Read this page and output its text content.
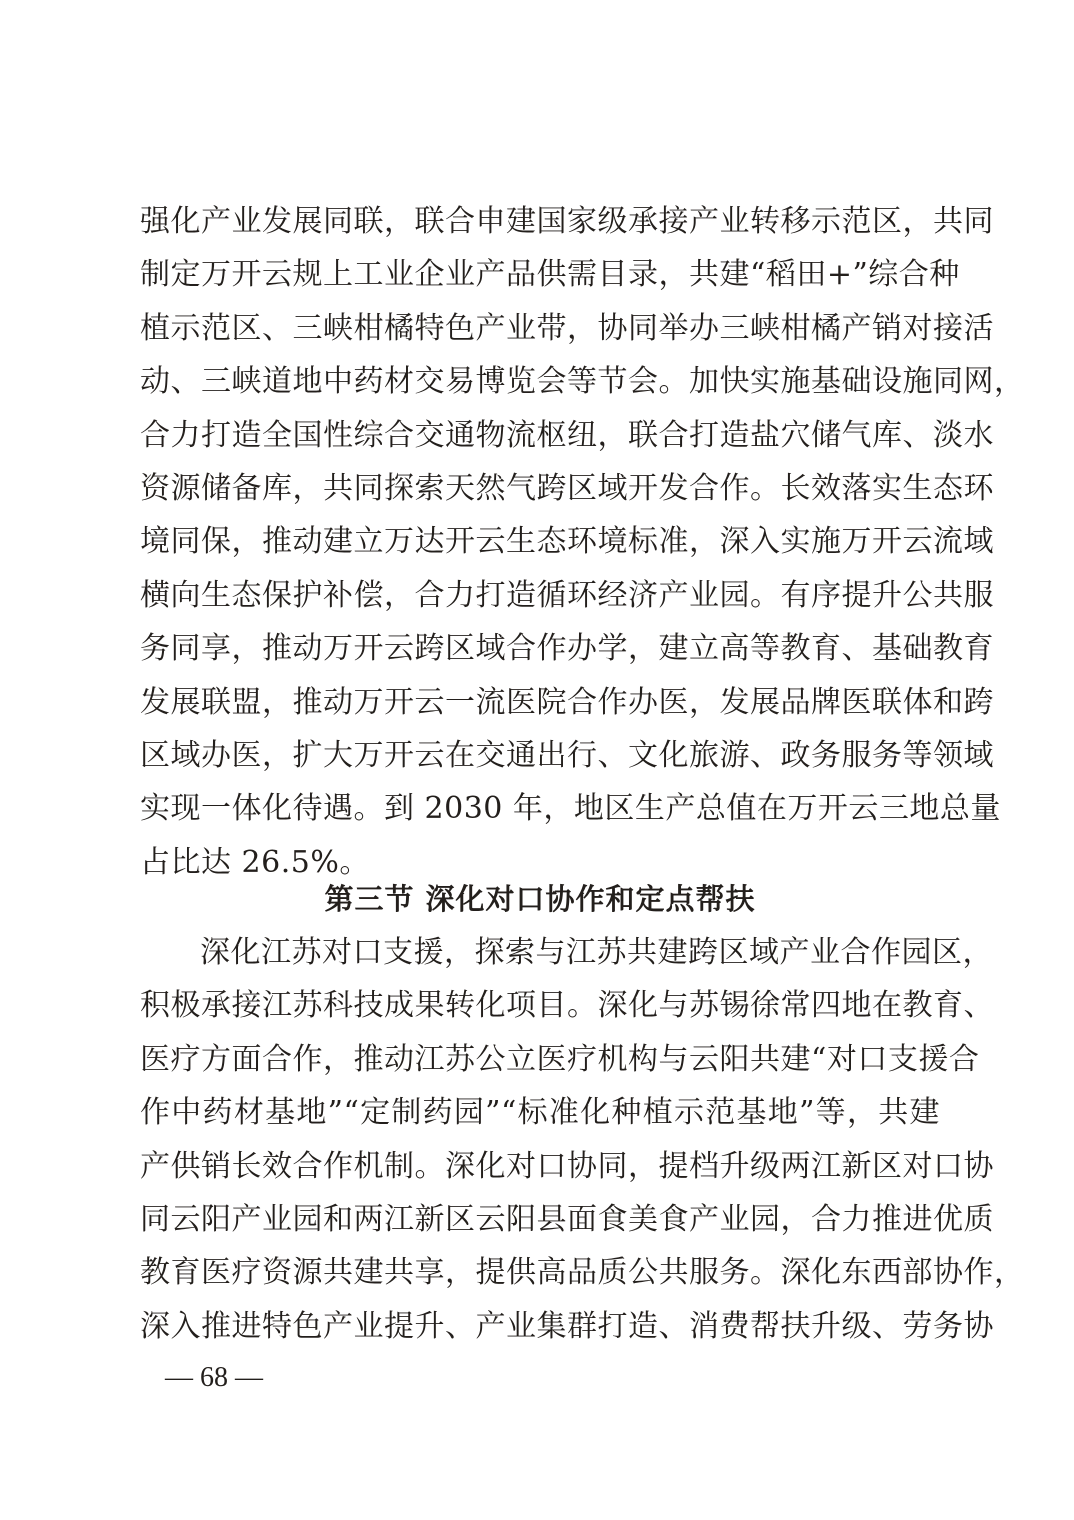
强化产业发展同联，联合申建国家级承接产业转移示范区，共同
制定万开云规上工业企业产品供需目录，共建“稻田+”综合种
植示范区、三峡柑橘特色产业带，协同举办三峡柑橘产销对接活
动、三峡道地中药材交易博览会等节会。加快实施基础设施同网，
合力打造全国性综合交通物流枢纽，联合打造盐穴储气库、淡水
资源储备库，共同探索天然气跨区域开发合作。长效落实生态环
境同保，推动建立万达开云生态环境标准，深入实施万开云流域
横向生态保护补偿，合力打造循环经济产业园。有序提升公共服
务同享，推动万开云跨区域合作办学，建立高等教育、基础教育
发展联盟，推动万开云一流医院合作办医，发展品牌医联体和跨
区域办医，扩大万开云在交通出行、文化旅游、政务服务等领域
实现一体化待遇。到 2030 年，地区生产总值在万开云三地总量
占比达 26.5%。
第三节 深化对口协作和定点帮扶
深化江苏对口支援，探索与江苏共建跨区域产业合作园区，
积极承接江苏科技成果转化项目。深化与苏锡徐常四地在教育、
医疗方面合作，推动江苏公立医疗机构与云阳共建“对口支援合
作中药材基地”“定制药园”“标准化种植示范基地”等，共建
产供销长效合作机制。深化对口协同，提档升级两江新区对口协
同云阳产业园和两江新区云阳县面食美食产业园，合力推进优质
教育医疗资源共建共享，提供高品质公共服务。深化东西部协作，
深入推进特色产业提升、产业集群打造、消费帮扶升级、劳务协
— 68 —
